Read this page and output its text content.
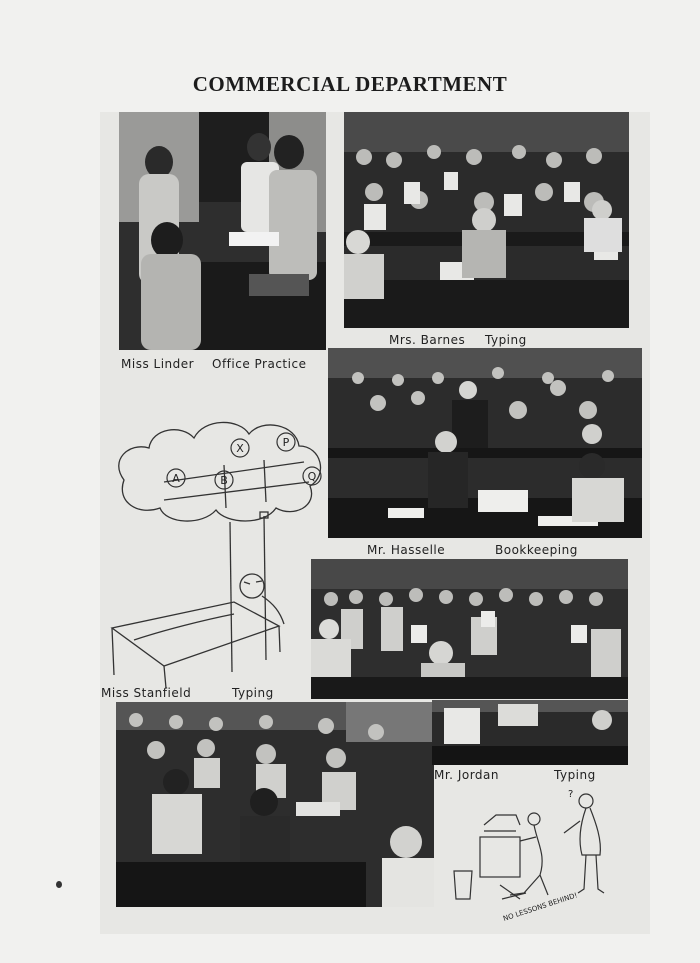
COMMERCIAL DEPARTMENT
A	B
X	P
Q
?
NO LESSONS BEHIND!
Miss Linder Office Practice
Mrs. Barnes Typing
Mr. Hasselle	Bookkeeping
Miss Stanfield	Typing
Mr. Jordan	Typing
